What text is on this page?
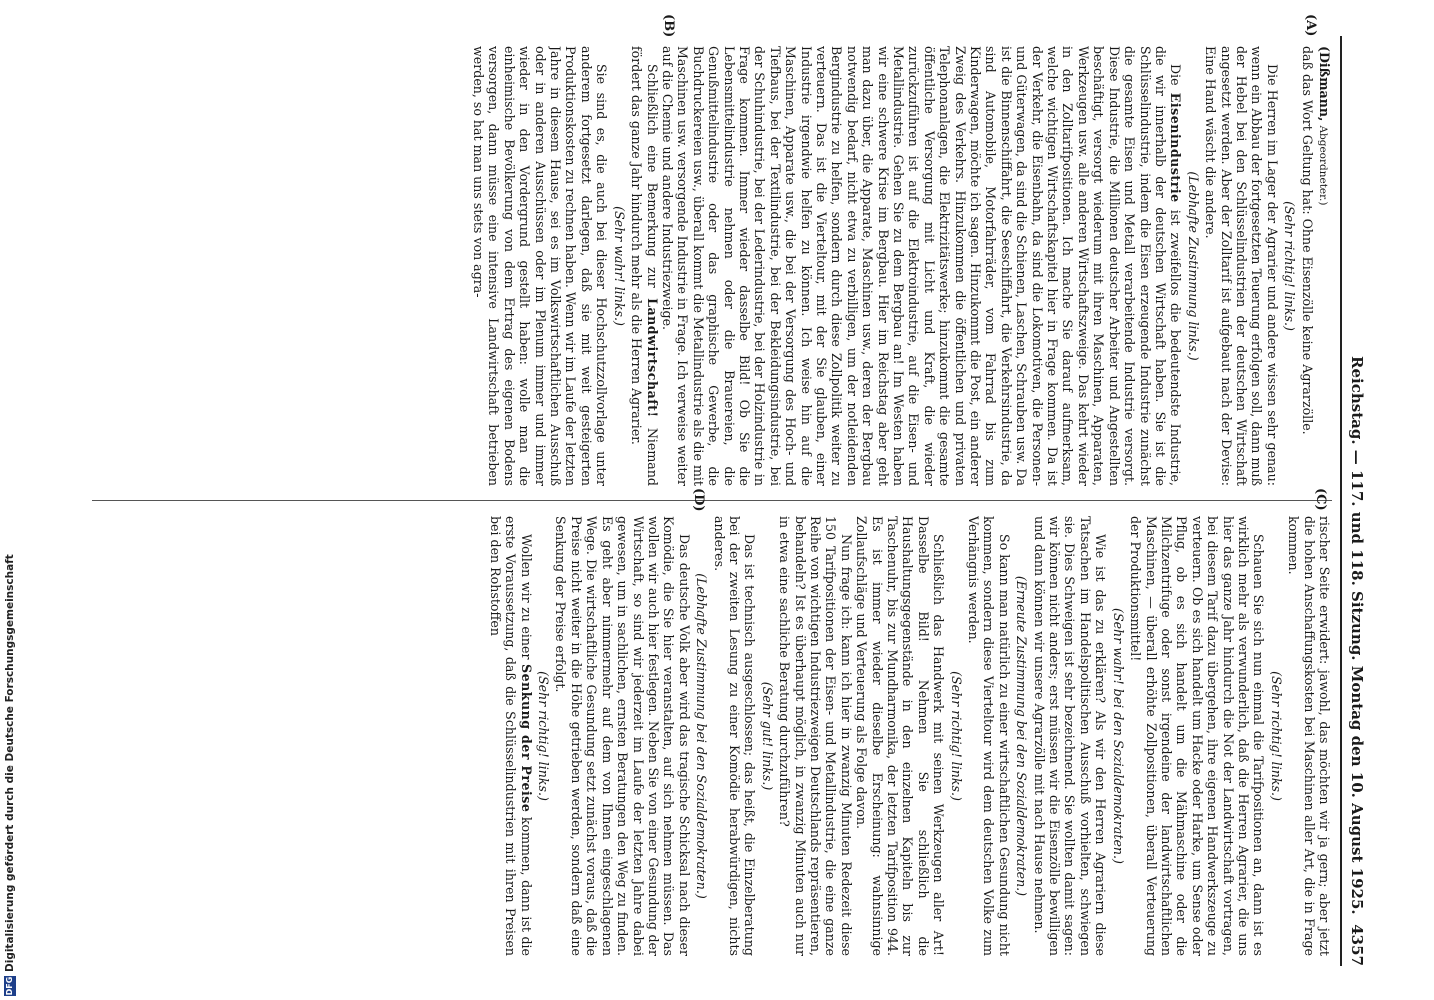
Reichstag. — 117. und 118. Sitzung. Montag den 10. August 1925.
4357

(Dißmann, Abgeordneter.)

daß das Wort Geltung hat: Ohne Eisenzölle keine Agrarzölle.

(Sehr richtig! links.)

Die Herren im Lager der Agrarier und andere wissen sehr genau: wenn ein Abbau der fortgesetzten Teuerung erfolgen soll, dann muß der Hebel bei den Schlüsselindustrien der deutschen Wirtschaft angesetzt werden. Aber der Zolltarif ist aufgebaut nach der Devise: Eine Hand wäscht die andere.

(Lebhafte Zustimmung links.)

Die Eisenindustrie ist zweifellos die bedeutendste Industrie, die wir innerhalb der deutschen Wirtschaft haben. Sie ist die Schlüsselindustrie, indem die Eisen erzeugende Industrie zunächst die gesamte Eisen und Metall verarbeitende Industrie versorgt. Diese Industrie, die Millionen deutscher Arbeiter und Angestellten beschäftigt, versorgt wiederum mit ihren Maschinen, Apparaten, Werkzeugen usw. alle anderen Wirtschaftszweige. Das kehrt wieder in den Zolltarifpositionen. Ich mache Sie darauf aufmerksam, welche wichtigen Wirtschaftskapitel hier in Frage kommen. Da ist der Verkehr, die Eisenbahn, da sind die Lokomotiven, die Personen- und Güterwagen, da sind die Schienen, Laschen, Schrauben usw. Da ist die Binnenschiffahrt, die Seeschiffahrt, die Verkehrsindustrie, da sind Automobile, Motorfahrräder, vom Fahrrad bis zum Kinderwagen, möchte ich sagen. Hinzukommt die Post, ein anderer Zweig des Verkehrs. Hinzukommen die öffentlichen und privaten Telephonanlagen, die Elektrizitätswerke; hinzukommt die gesamte öffentliche Versorgung mit Licht und Kraft, die wieder zurückzuführen ist auf die Elektroindustrie, auf die Eisen- und Metallindustrie. Gehen Sie zu dem Bergbau an! Im Westen haben wir eine schwere Krise im Bergbau. Hier im Reichstag aber geht man dazu über, die Apparate, Maschinen usw., deren der Bergbau notwendig bedarf, nicht etwa zu verbilligen, um der notleidenden Bergindustrie zu helfen, sondern durch diese Zollpolitik weiter zu verteuern. Das ist die Vierteltour, mit der Sie glauben, einer Industrie irgendwie helfen zu können. Ich weise hin auf die Maschinen, Apparate usw., die bei der Versorgung des Hoch- und Tiefbaus, bei der Textilindustrie, bei der Bekleidungsindustrie, bei der Schuhindustrie, bei der Lederindustrie, bei der Holzindustrie in Frage kommen. Immer wieder dasselbe Bild! Ob Sie die Lebensmittelindustrie nehmen oder die Brauereien, die Genußmittelindustrie oder das graphische Gewerbe, die Buchdruckereien usw., überall kommt die Metallindustrie als die mit Maschinen usw. versorgende Industrie in Frage. Ich verweise weiter auf die Chemie und andere Industriezweige.

Schließlich eine Bemerkung zur Landwirtschaft! Niemand fördert das ganze Jahr hindurch mehr als die Herren Agrarier.

(Sehr wahr! links.)

Sie sind es, die auch bei dieser Hochschutzzollvorlage unter anderem fortgesetzt darlegen, daß sie mit weit gesteigerten Produktionskosten zu rechnen haben. Wenn wir im Laufe der letzten Jahre in diesem Hause, sei es im Volkswirtschaftlichen Ausschuß oder in anderen Ausschüssen oder im Plenum immer und immer wieder in den Vordergrund gestellt haben: wolle man die einheimische Bevölkerung von dem Ertrag des eigenen Bodens versorgen, dann müsse eine intensive Landwirtschaft betrieben werden, so hat man uns stets von agra-

rischer Seite erwidert: jawohl, das möchten wir ja gern; aber jetzt die hohen Anschaffungskosten bei Maschinen aller Art, die in Frage kommen.

(Sehr richtig! links.)

Schauen Sie sich nun einmal die Tarifpositionen an, dann ist es wirklich mehr als verwunderlich, daß die Herren Agrarier, die uns hier das ganze Jahr hindurch die Not der Landwirtschaft vortragen, bei diesem Tarif dazu übergehen, ihre eigenen Handwerkszeuge zu verteuern. Ob es sich handelt um Hacke oder Harke, um Sense oder Pflug, ob es sich handelt um die Mähmaschine oder die Milchzentrifuge oder sonst irgendeine der landwirtschaftlichen Maschinen, — überall erhöhte Zollpositionen, überall Verteuerung der Produktionsmittel!

(Sehr wahr! bei den Sozialdemokraten.)

Wie ist das zu erklären? Als wir den Herren Agrariern diese Tatsachen im Handelspolitischen Ausschuß vorhielten, schwiegen sie. Dies Schweigen ist sehr bezeichnend. Sie wollten damit sagen: wir können nicht anders; erst müssen wir die Eisenzölle bewilligen und dann können wir unsere Agrarzölle mit nach Hause nehmen.

(Erneute Zustimmung bei den Sozialdemokraten.)

So kann man natürlich zu einer wirtschaftlichen Gesundung nicht kommen, sondern diese Vierteltour wird dem deutschen Volke zum Verhängnis werden.

(Sehr richtig! links.)

Schließlich das Handwerk mit seinen Werkzeugen aller Art! Dasselbe Bild! Nehmen Sie schließlich die Haushaltungsgegenstände in den einzelnen Kapiteln bis zur Taschenuhr, bis zur Mundharmonika, der letzten Tarifposition 944. Es ist immer wieder dieselbe Erscheinung: wahnsinnige Zollaufschläge und Verteuerung als Folge davon.

Nun frage ich: kann ich hier in zwanzig Minuten Redezeit diese 150 Tarifpositionen der Eisen- und Metallindustrie, die eine ganze Reihe von wichtigen Industriezweigen Deutschlands repräsentieren, behandeln? Ist es überhaupt möglich, in zwanzig Minuten auch nur in etwa eine sachliche Beratung durchzuführen?

(Sehr gut! links.)

Das ist technisch ausgeschlossen; das heißt, die Einzelberatung bei der zweiten Lesung zu einer Komödie herabwürdigen, nichts anderes.

(Lebhafte Zustimmung bei den Sozialdemokraten.)

Das deutsche Volk aber wird das tragische Schicksal nach dieser Komödie, die Sie hier veranstalten, auf sich nehmen müssen. Das wollen wir auch hier festlegen. Neben Sie von einer Gesundung der Wirtschaft, so sind wir jederzeit im Laufe der letzten Jahre dabei gewesen, um in sachlichen, ernsten Beratungen den Weg zu finden. Es geht aber nimmermehr auf dem von Ihnen eingeschlagenen Wege. Die wirtschaftliche Gesundung setzt zunächst voraus, daß die Preise nicht weiter in die Höhe getrieben werden, sondern daß eine Senkung der Preise erfolgt.

(Sehr richtig! links.)

Wollen wir zu einer Senkung der Preise kommen, dann ist die erste Voraussetzung, daß die Schlüsselindustrien mit ihren Preisen bei den Rohstoffen

(A)
(B)
(C)
(D)
DFG
Digitalisierung gefördert durch die Deutsche Forschungsgemeinschaft
